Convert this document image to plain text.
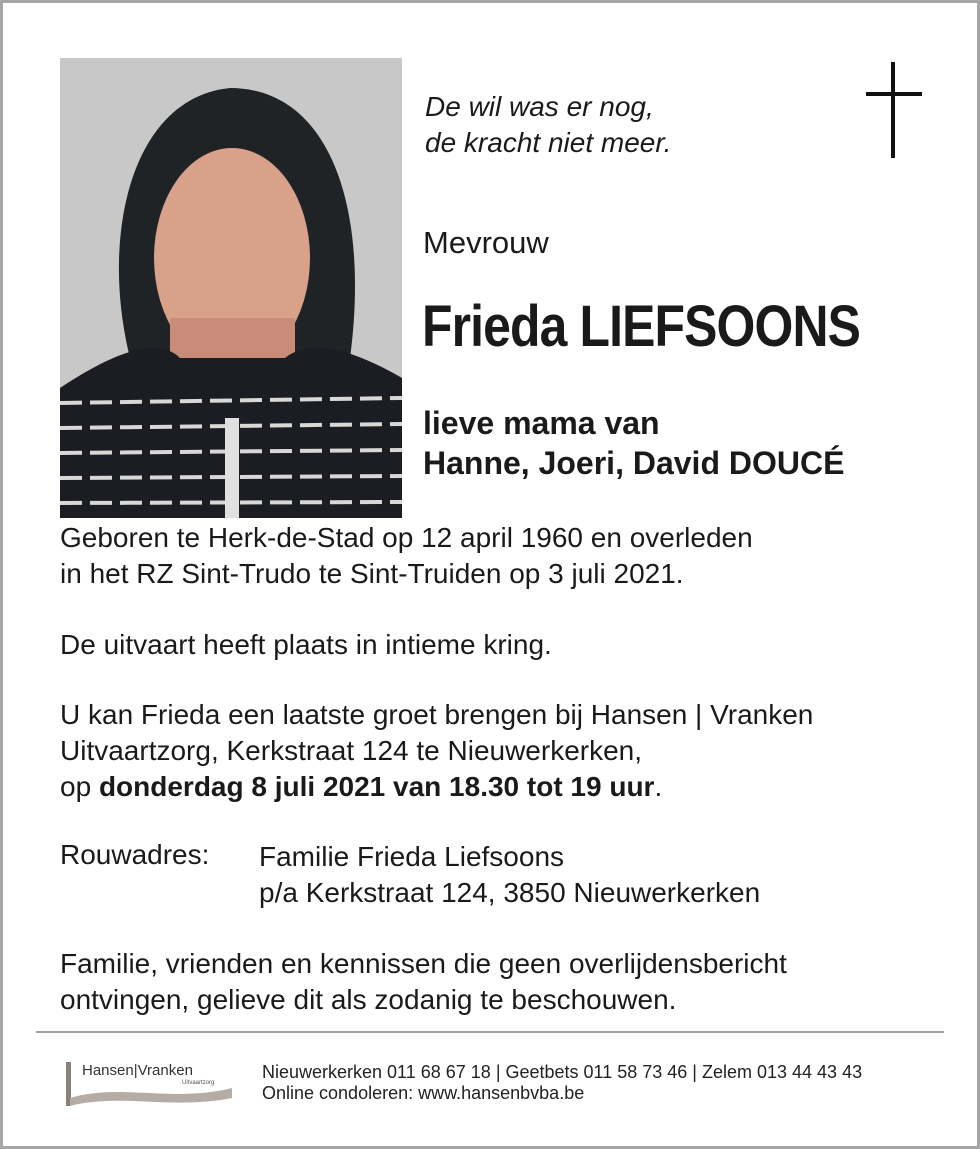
De wil was er nog,
de kracht niet meer.
Mevrouw
Frieda LIEFSOONS
lieve mama van
Hanne, Joeri, David DOUCÉ
Geboren te Herk-de-Stad op 12 april 1960 en overleden
in het RZ Sint-Trudo te Sint-Truiden op 3 juli 2021.
De uitvaart heeft plaats in intieme kring.
U kan Frieda een laatste groet brengen bij Hansen | Vranken
Uitvaartzorg, Kerkstraat 124 te Nieuwerkerken,
op donderdag 8 juli 2021 van 18.30 tot 19 uur.
Rouwadres: Familie Frieda Liefsoons
p/a Kerkstraat 124, 3850 Nieuwerkerken
Familie, vrienden en kennissen die geen overlijdensbericht
ontvingen, gelieve dit als zodanig te beschouwen.
Hansen|Vranken
Uitvaartzorg
Nieuwerkerken 011 68 67 18 | Geetbets 011 58 73 46 | Zelem 013 44 43 43
Online condoleren: www.hansenbvba.be
